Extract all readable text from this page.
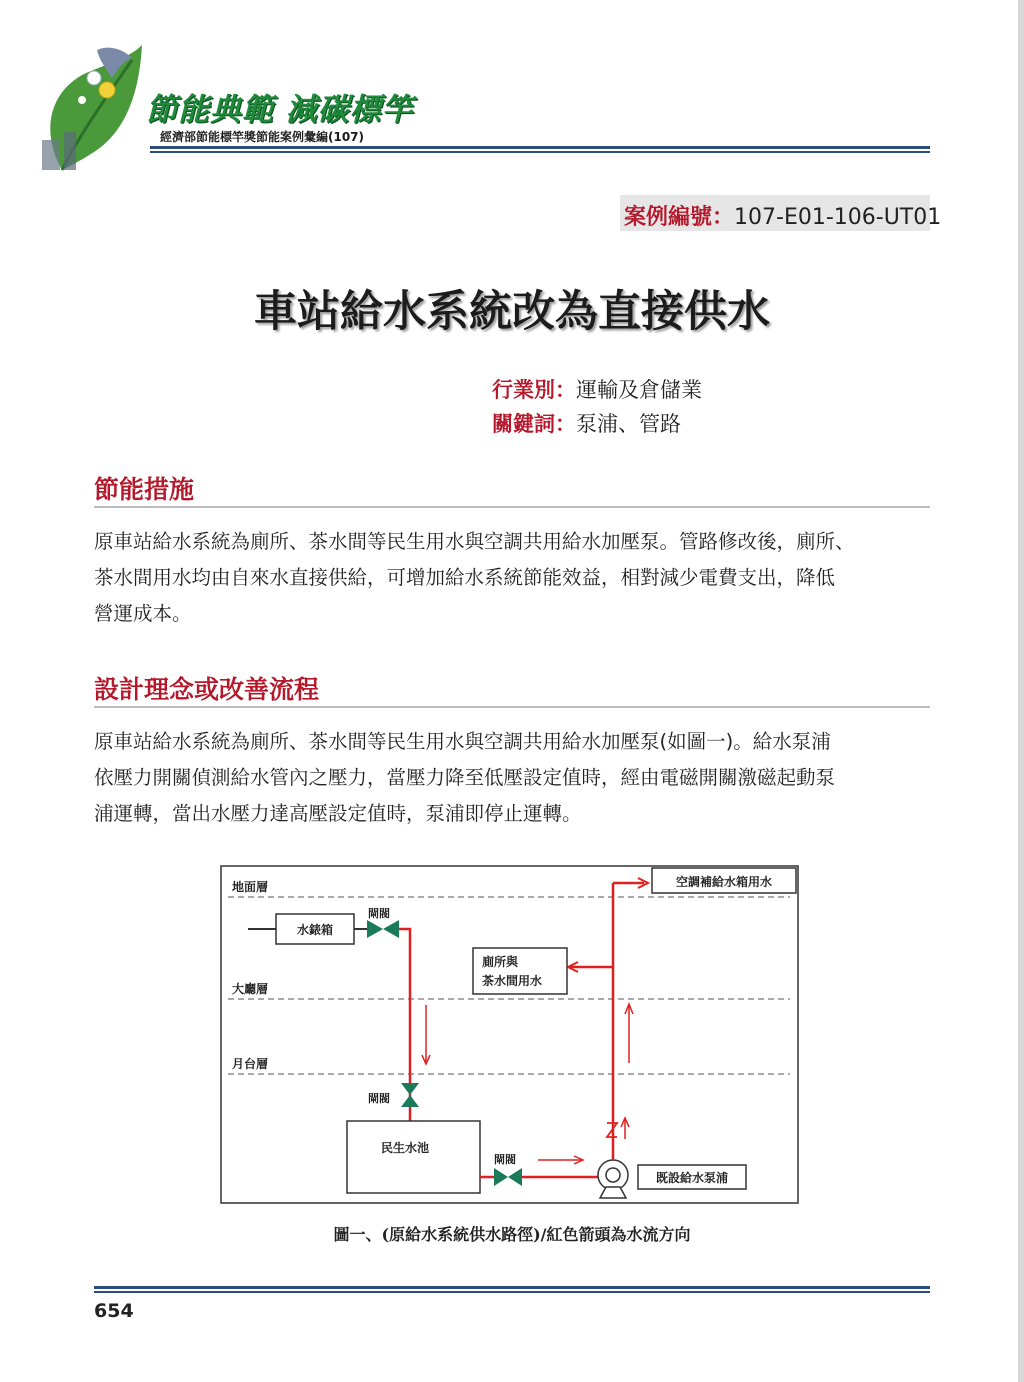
節能典範 減碳標竿
經濟部節能標竿獎節能案例彙編(107)
案例編號：107-E01-106-UT01
車站給水系統改為直接供水
行業別：運輸及倉儲業
關鍵詞：泵浦、管路
節能措施
原車站給水系統為廁所、茶水間等民生用水與空調共用給水加壓泵。管路修改後，廁所、
茶水間用水均由自來水直接供給，可增加給水系統節能效益，相對減少電費支出，降低
營運成本。
設計理念或改善流程
原車站給水系統為廁所、茶水間等民生用水與空調共用給水加壓泵(如圖一)。給水泵浦
依壓力開關偵測給水管內之壓力，當壓力降至低壓設定值時，經由電磁開關激磁起動泵
浦運轉，當出水壓力達高壓設定值時，泵浦即停止運轉。
地面層
大廳層
月台層
水錶箱
閘閥
閘閥
民生水池
閘閥
既設給水泵浦
廁所與
茶水間用水
空調補給水箱用水
圖一、(原給水系統供水路徑)/紅色箭頭為水流方向
654
